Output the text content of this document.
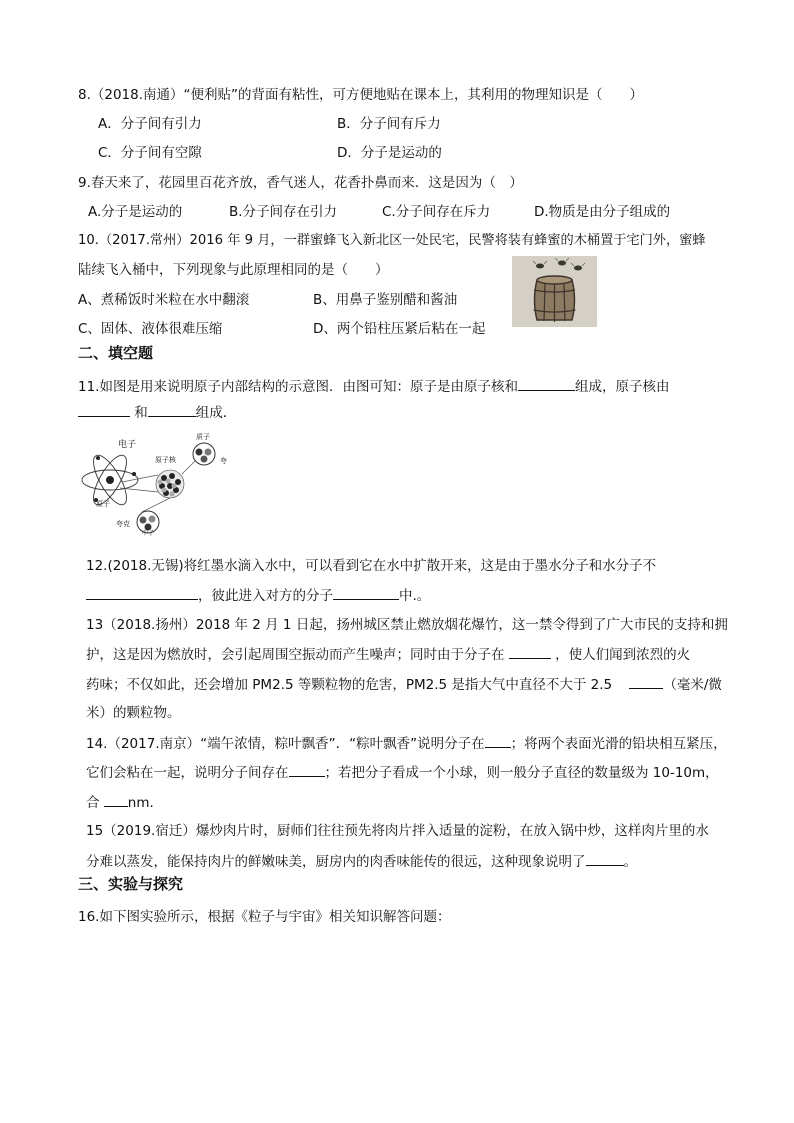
8.（2018.南通）“便利贴”的背面有粘性，可方便地贴在课本上，其利用的物理知识是（　　）
A．分子间有引力	B．分子间有斥力
C．分子间有空隙	D．分子是运动的
9.春天来了，花园里百花齐放，香气迷人，花香扑鼻而来．这是因为（　）
A.分子是运动的	B.分子间存在引力	C.分子间存在斥力	D.物质是由分子组成的
10.（2017.常州）2016 年 9 月，一群蜜蜂飞入新北区一处民宅，民警将装有蜂蜜的木桶置于宅门外，蜜蜂
陆续飞入桶中，下列现象与此原理相同的是（　　）
A、煮稀饭时米粒在水中翻滚	B、用鼻子鉴别醋和酱油
C、固体、液体很难压缩	D、两个铅柱压紧后粘在一起
二、填空题
11.如图是用来说明原子内部结构的示意图．由图可知：原子是由原子核和	组成，原子核由
和	组成．
电子
质子
原子核
原子
夸
夸克
中子
12.(2018.无锡)将红墨水滴入水中，可以看到它在水中扩散开来，这是由于墨水分子和水分子不
，彼此进入对方的分子	中.。
13（2018.扬州）2018 年 2 月 1 日起，扬州城区禁止燃放烟花爆竹，这一禁令得到了广大市民的支持和拥
护，这是因为燃放时，会引起周围空振动而产生噪声；同时由于分子在	，使人们闻到浓烈的火
药味；不仅如此，还会增加 PM2.5 等颗粒物的危害，PM2.5 是指大气中直径不大于 2.5	（毫米/微
米）的颗粒物。
14.（2017.南京）“端午浓情，粽叶飘香”．“粽叶飘香”说明分子在 ；将两个表面光滑的铅块相互紧压，
它们会粘在一起，说明分子间存在	；若把分子看成一个小球，则一般分子直径的数量级为 10-10m，
合 nm．
15（2019.宿迁）爆炒肉片时，厨师们往往预先将肉片拌入适量的淀粉，在放入锅中炒，这样肉片里的水
分难以蒸发，能保持肉片的鲜嫩味美，厨房内的肉香味能传的很远，这种现象说明了	。
三、实验与探究
16.如下图实验所示，根据《粒子与宇宙》相关知识解答问题：
